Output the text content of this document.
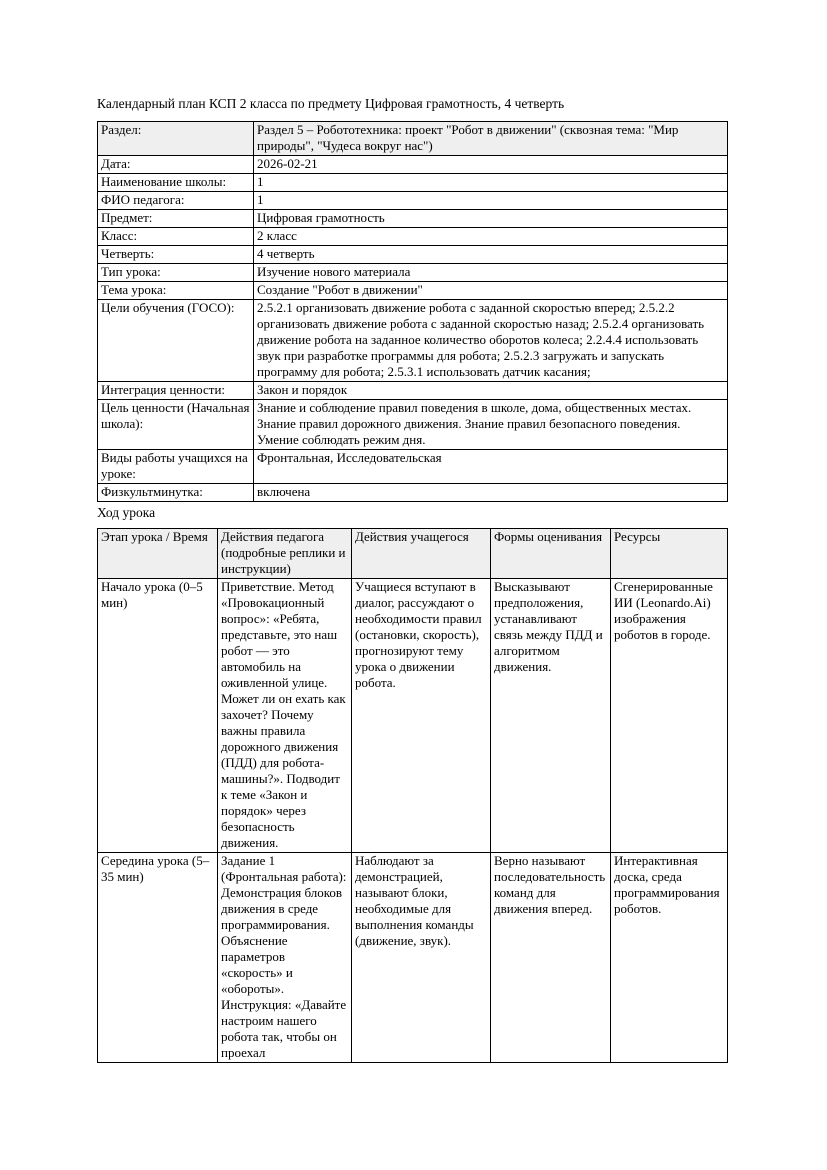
Календарный план КСП 2 класса по предмету Цифровая грамотность, 4 четверть
Раздел:	Раздел 5 – Робототехника: проект "Робот в движении" (сквозная тема: "Мир природы", "Чудеса вокруг нас")
Дата:	2026-02-21
Наименование школы:	1
ФИО педагога:	1
Предмет:	Цифровая грамотность
Класс:	2 класс
Четверть:	4 четверть
Тип урока:	Изучение нового материала
Тема урока:	Создание "Робот в движении"
Цели обучения (ГОСО):	2.5.2.1 организовать движение робота с заданной скоростью вперед; 2.5.2.2 организовать движение робота с заданной скоростью назад; 2.5.2.4 организовать движение робота на заданное количество оборотов колеса; 2.2.4.4 использовать звук при разработке программы для робота; 2.5.2.3 загружать и запускать программу для робота; 2.5.3.1 использовать датчик касания;
Интеграция ценности:	Закон и порядок
Цель ценности (Начальная школа):	Знание и соблюдение правил поведения в школе, дома, общественных местах. Знание правил дорожного движения. Знание правил безопасного поведения. Умение соблюдать режим дня.
Виды работы учащихся на уроке:	Фронтальная, Исследовательская
Физкультминутка:	включена
Ход урока
Этап урока / Время	Действия педагога (подробные реплики и инструкции)	Действия учащегося	Формы оценивания	Ресурсы
Начало урока (0–5 мин)	Приветствие. Метод «Провокационный вопрос»: «Ребята, представьте, это наш робот — это автомобиль на оживленной улице. Может ли он ехать как захочет? Почему важны правила дорожного движения (ПДД) для робота-машины?». Подводит к теме «Закон и порядок» через безопасность движения.	Учащиеся вступают в диалог, рассуждают о необходимости правил (остановки, скорость), прогнозируют тему урока о движении робота.	Высказывают предположения, устанавливают связь между ПДД и алгоритмом движения.	Сгенерированные ИИ (Leonardo.Ai) изображения роботов в городе.
Середина урока (5–35 мин)	Задание 1 (Фронтальная работа): Демонстрация блоков движения в среде программирования. Объяснение параметров «скорость» и «обороты». Инструкция: «Давайте настроим нашего робота так, чтобы он проехал	Наблюдают за демонстрацией, называют блоки, необходимые для выполнения команды (движение, звук).	Верно называют последовательность команд для движения вперед.	Интерактивная доска, среда программирования роботов.
